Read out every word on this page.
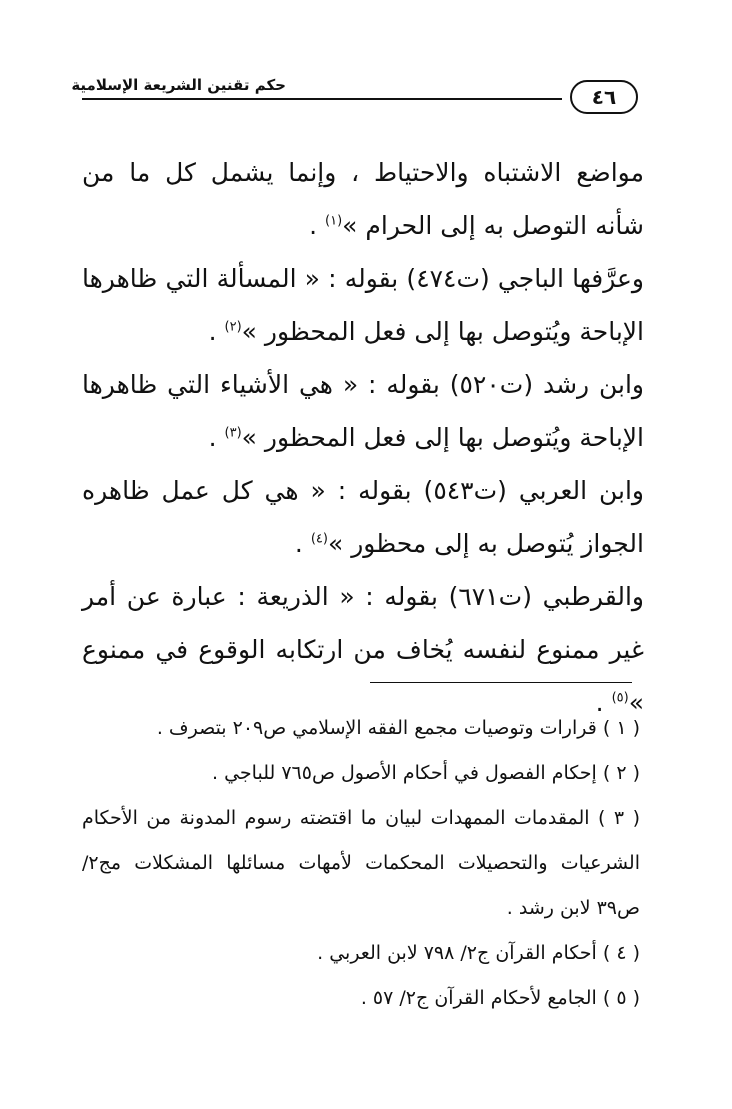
حكم تقنين الشريعة الإسلامية	٤٦

مواضع الاشتباه والاحتياط ، وإنما يشمل كل ما من شأنه التوصل به إلى الحرام »$^{(١)}$ .

وعرَّفها الباجي (ت٤٧٤) بقوله : « المسألة التي ظاهرها الإباحة ويُتوصل بها إلى فعل المحظور »$^{(٢)}$ .

وابن رشد (ت٥٢٠) بقوله : « هي الأشياء التي ظاهرها الإباحة ويُتوصل بها إلى فعل المحظور »$^{(٣)}$ .

وابن العربي (ت٥٤٣) بقوله : « هي كل عمل ظاهره الجواز يُتوصل به إلى محظور »$^{(٤)}$ .

والقرطبي (ت٦٧١) بقوله : « الذريعة : عبارة عن أمر غير ممنوع لنفسه يُخاف من ارتكابه الوقوع في ممنوع »$^{(٥)}$ .

( ١ ) قرارات وتوصيات مجمع الفقه الإسلامي ص٢٠٩ بتصرف .

( ٢ ) إحكام الفصول في أحكام الأصول ص٧٦٥ للباجي .

( ٣ ) المقدمات الممهدات لبيان ما اقتضته رسوم المدونة من الأحكام الشرعيات والتحصيلات المحكمات لأمهات مسائلها المشكلات مج٢/ ص٣٩ لابن رشد .

( ٤ ) أحكام القرآن ج٢/ ٧٩٨ لابن العربي .

( ٥ ) الجامع لأحكام القرآن ج٢/ ٥٧ .
